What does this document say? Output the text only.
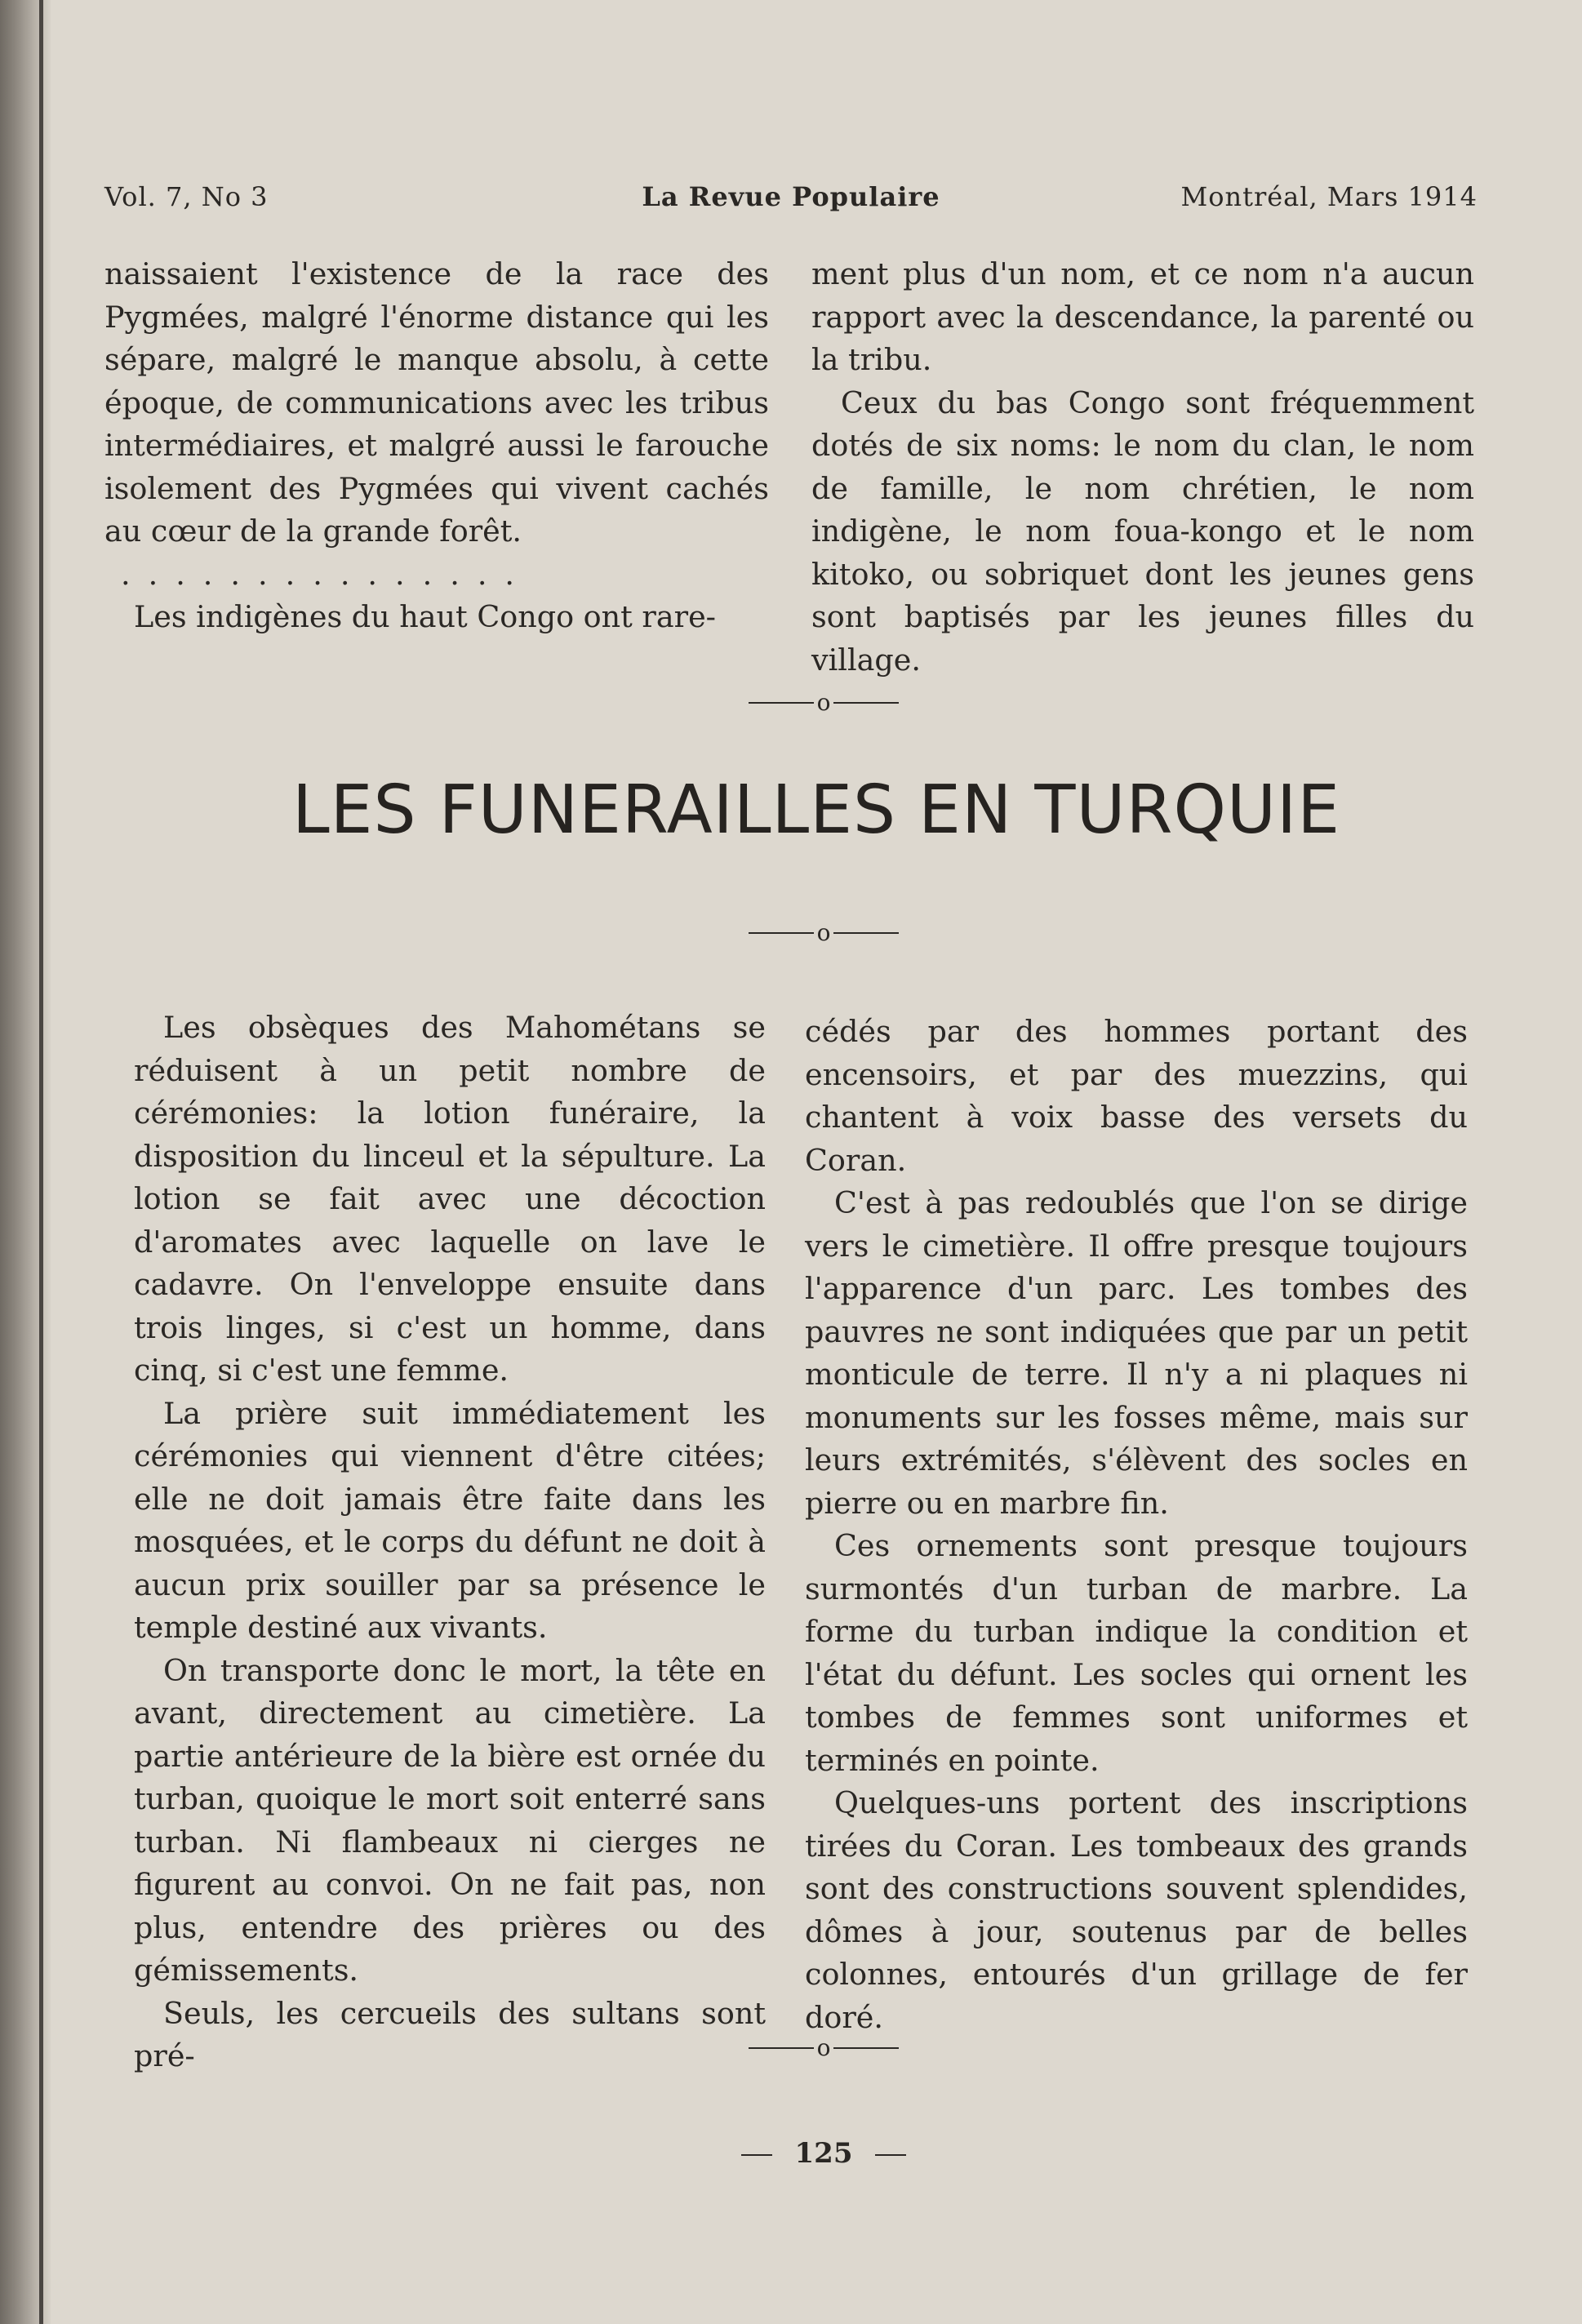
Vol. 7, No 3	La Revue Populaire	Montréal, Mars 1914

naissaient l'existence de la race des Pygmées, malgré l'énorme distance qui les sépare, malgré le manque absolu, à cette époque, de communications avec les tribus intermédiaires, et malgré aussi le farouche isolement des Pygmées qui vivent cachés au cœur de la grande forêt.

...............

Les indigènes du haut Congo ont rare-

ment plus d'un nom, et ce nom n'a aucun rapport avec la descendance, la parenté ou la tribu.

Ceux du bas Congo sont fréquemment dotés de six noms: le nom du clan, le nom de famille, le nom chrétien, le nom indigène, le nom foua-kongo et le nom kitoko, ou sobriquet dont les jeunes gens sont baptisés par les jeunes filles du village.

o
LES FUNERAILLES EN TURQUIE
o

Les obsèques des Mahométans se réduisent à un petit nombre de cérémonies: la lotion funéraire, la disposition du linceul et la sépulture. La lotion se fait avec une décoction d'aromates avec laquelle on lave le cadavre. On l'enveloppe ensuite dans trois linges, si c'est un homme, dans cinq, si c'est une femme.

La prière suit immédiatement les cérémonies qui viennent d'être citées; elle ne doit jamais être faite dans les mosquées, et le corps du défunt ne doit à aucun prix souiller par sa présence le temple destiné aux vivants.

On transporte donc le mort, la tête en avant, directement au cimetière. La partie antérieure de la bière est ornée du turban, quoique le mort soit enterré sans turban. Ni flambeaux ni cierges ne figurent au convoi. On ne fait pas, non plus, entendre des prières ou des gémissements.

Seuls, les cercueils des sultans sont pré-

cédés par des hommes portant des encensoirs, et par des muezzins, qui chantent à voix basse des versets du Coran.

C'est à pas redoublés que l'on se dirige vers le cimetière. Il offre presque toujours l'apparence d'un parc. Les tombes des pauvres ne sont indiquées que par un petit monticule de terre. Il n'y a ni plaques ni monuments sur les fosses même, mais sur leurs extrémités, s'élèvent des socles en pierre ou en marbre fin.

Ces ornements sont presque toujours surmontés d'un turban de marbre. La forme du turban indique la condition et l'état du défunt. Les socles qui ornent les tombes de femmes sont uniformes et terminés en pointe.

Quelques-uns portent des inscriptions tirées du Coran. Les tombeaux des grands sont des constructions souvent splendides, dômes à jour, soutenus par de belles colonnes, entourés d'un grillage de fer doré.

o
125
